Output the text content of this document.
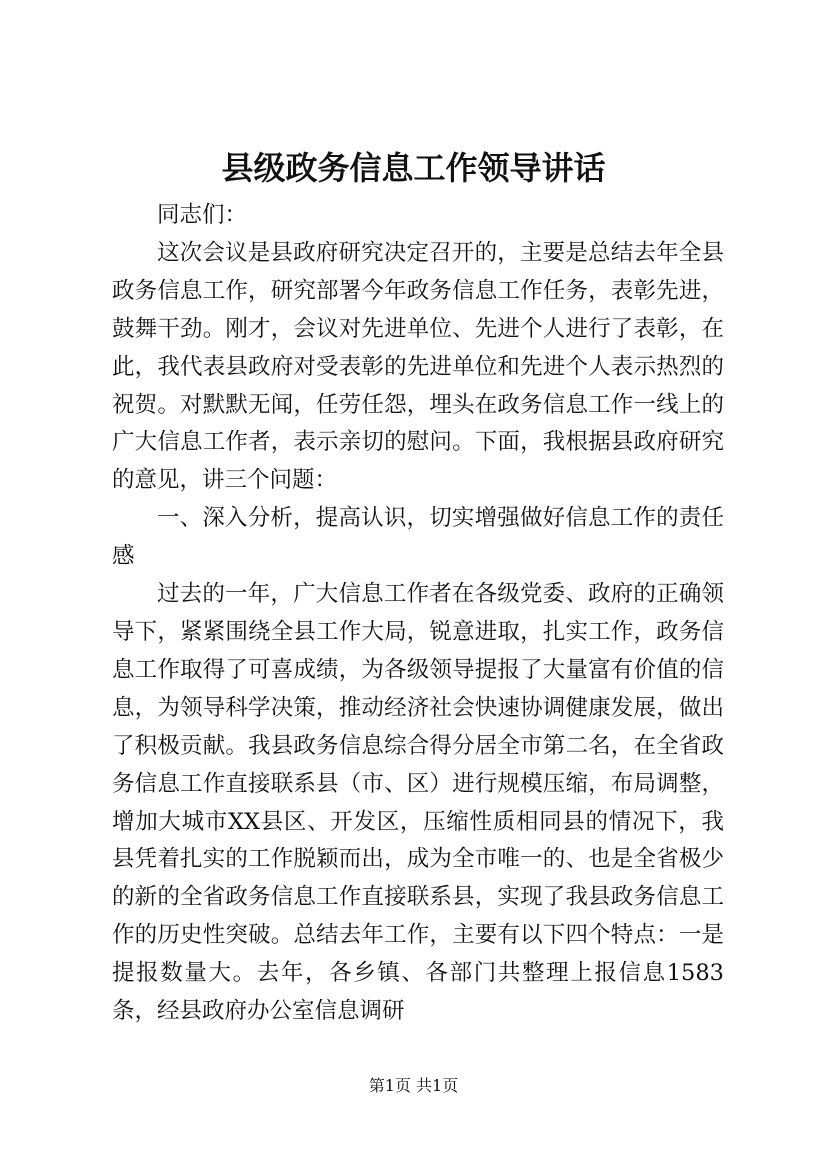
县级政务信息工作领导讲话

同志们：

这次会议是县政府研究决定召开的，主要是总结去年全县政务信息工作，研究部署今年政务信息工作任务，表彰先进，鼓舞干劲。刚才，会议对先进单位、先进个人进行了表彰，在此，我代表县政府对受表彰的先进单位和先进个人表示热烈的祝贺。对默默无闻，任劳任怨，埋头在政务信息工作一线上的广大信息工作者，表示亲切的慰问。下面，我根据县政府研究的意见，讲三个问题：

一、深入分析，提高认识，切实增强做好信息工作的责任感

过去的一年，广大信息工作者在各级党委、政府的正确领导下，紧紧围绕全县工作大局，锐意进取，扎实工作，政务信息工作取得了可喜成绩，为各级领导提报了大量富有价值的信息，为领导科学决策，推动经济社会快速协调健康发展，做出了积极贡献。我县政务信息综合得分居全市第二名，在全省政务信息工作直接联系县（市、区）进行规模压缩，布局调整，增加大城市XX县区、开发区，压缩性质相同县的情况下，我县凭着扎实的工作脱颖而出，成为全市唯一的、也是全省极少的新的全省政务信息工作直接联系县，实现了我县政务信息工作的历史性突破。总结去年工作，主要有以下四个特点：一是提报数量大。去年，各乡镇、各部门共整理上报信息1583条，经县政府办公室信息调研

第1页 共1页
